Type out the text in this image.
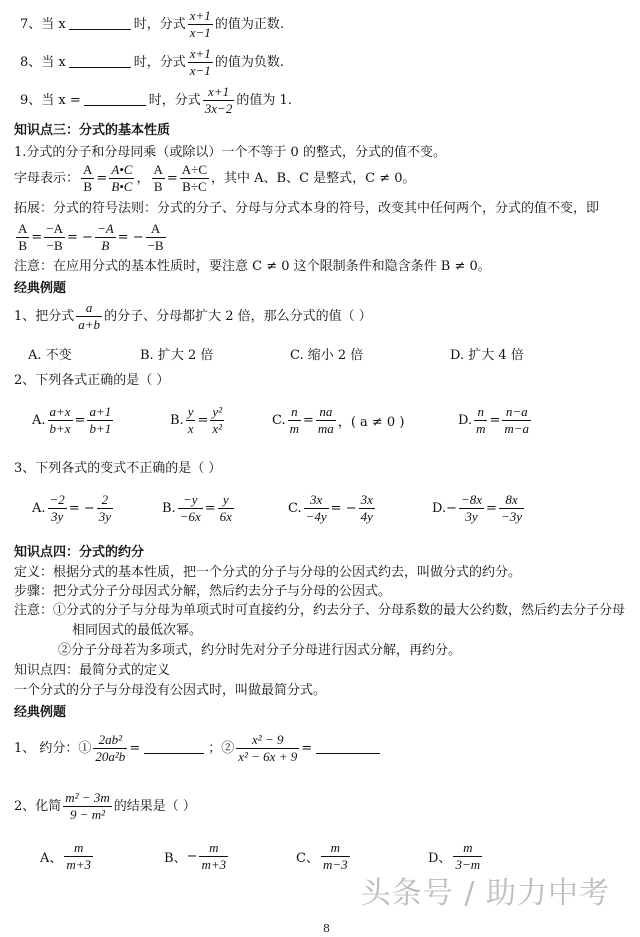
7、当 x	时，分式 $\frac{x+1}{x-1}$ 的值为正数.
8、当 x	时，分式 $\frac{x+1}{x-1}$ 的值为负数.
9、当 x =	时，分式 $\frac{x+1}{3x-2}$ 的值为 1.
知识点三：分式的基本性质
1.分式的分子和分母同乘（或除以）一个不等于 0 的整式，分式的值不变。
字母表示： $\frac{A}{B} = \frac{A•C}{B•C}$ ， $\frac{A}{B} = \frac{A\div C}{B\div C}$ ，其中 A、B、C 是整式，C ≠ 0。
拓展：分式的符号法则：分式的分子、分母与分式本身的符号，改变其中任何两个，分式的值不变，即
$\frac{A}{B} = \frac{-A}{-B}$ = − $\frac{-A}{B}$ = − $\frac{A}{-B}$
注意：在应用分式的基本性质时，要注意 C ≠ 0 这个限制条件和隐含条件 B ≠ 0。
经典例题
1、把分式 $\frac{a}{a+b}$ 的分子、分母都扩大 2 倍，那么分式的值（ ）
A. 不变	B. 扩大 2 倍	C. 缩小 2 倍	D. 扩大 4 倍
2、下列各式正确的是（ ）
A. $\frac{a+x}{b+x} = \frac{a+1}{b+1}$	B. $\frac{y}{x} = \frac{\text{y²}}{\text{x²}}$	C. $\frac{n}{m} = \frac{na}{ma}$ ，( a ≠ 0 )	D. $\frac{n}{m} = \frac{n-a}{m-a}$
3、下列各式的变式不正确的是（ ）
A. $\frac{-2}{3y}$ = − $\frac{2}{3y}$	B. $\frac{-y}{-6x} = \frac{y}{6x}$	C. $\frac{3x}{-4y}$ = − $\frac{3x}{4y}$	D. − $\frac{-8x}{3y} = \frac{8x}{-3y}$
知识点四：分式的约分
定义：根据分式的基本性质，把一个分式的分子与分母的公因式约去，叫做分式的约分。
步骤：把分式分子分母因式分解，然后约去分子与分母的公因式。
注意：①分式的分子与分母为单项式时可直接约分，约去分子、分母系数的最大公约数，然后约去分子分母
相同因式的最低次幂。
②分子分母若为多项式，约分时先对分子分母进行因式分解，再约分。
知识点四：最简分式的定义
一个分式的分子与分母没有公因式时，叫做最简分式。
经典例题
1、 约分：① $\frac{\text{2ab²}}{\text{20a²b}}$ =	；② $\frac{\text{x² − 9}}{\text{x² − 6x + 9}}$ =
2、化简 $\frac{\text{m² − 3m}}{\text{9 − m²}}$ 的结果是（ ）
A、 $\frac{m}{m+3}$	B、 − $\frac{m}{m+3}$	C、 $\frac{m}{m-3}$	D、 $\frac{m}{3-m}$
头条号 / 助力中考
8
